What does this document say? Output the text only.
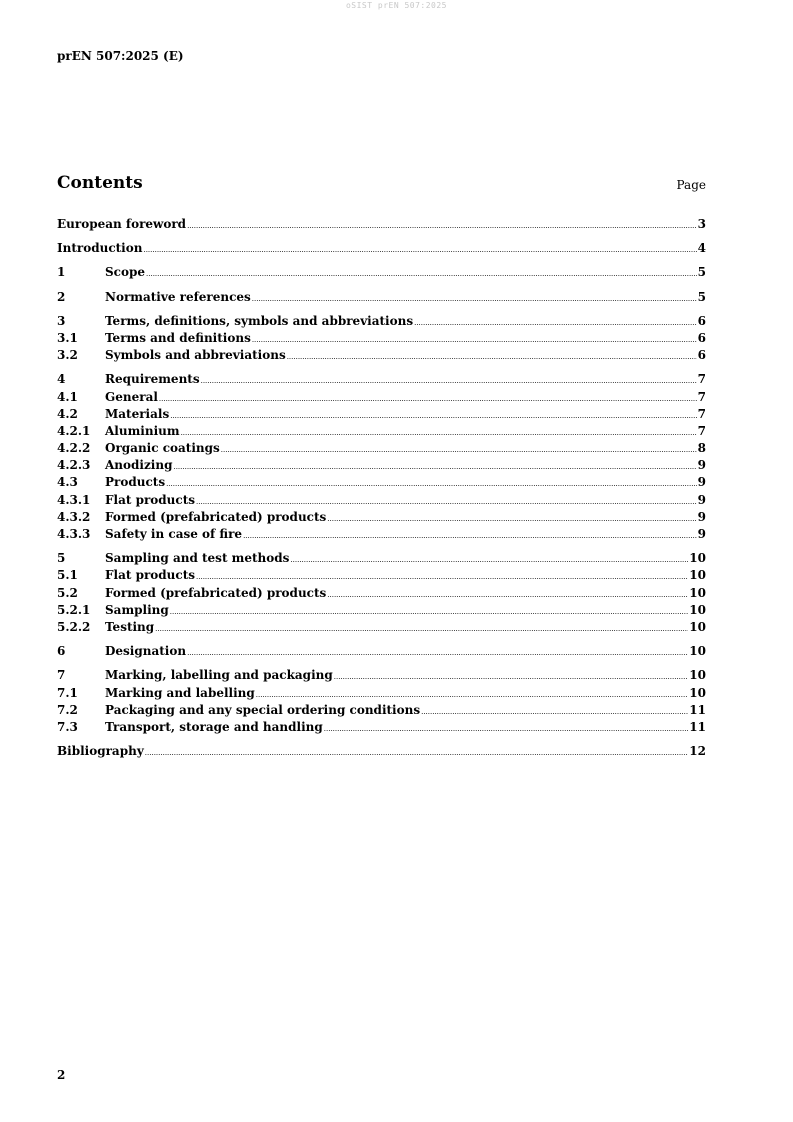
oSIST prEN 507:2025
prEN 507:2025 (E)
Contents	Page
European foreword .....	3
Introduction .....	4
1	Scope .....	5
2	Normative references .....	5
3	Terms, definitions, symbols and abbreviations .....	6
3.1	Terms and definitions .....	6
3.2	Symbols and abbreviations .....	6
4	Requirements .....	7
4.1	General .....	7
4.2	Materials .....	7
4.2.1	Aluminium .....	7
4.2.2	Organic coatings .....	8
4.2.3	Anodizing .....	9
4.3	Products .....	9
4.3.1	Flat products .....	9
4.3.2	Formed (prefabricated) products .....	9
4.3.3	Safety in case of fire .....	9
5	Sampling and test methods .....	10
5.1	Flat products .....	10
5.2	Formed (prefabricated) products .....	10
5.2.1	Sampling .....	10
5.2.2	Testing .....	10
6	Designation .....	10
7	Marking, labelling and packaging .....	10
7.1	Marking and labelling .....	10
7.2	Packaging and any special ordering conditions .....	11
7.3	Transport, storage and handling .....	11
Bibliography .....	12
2
